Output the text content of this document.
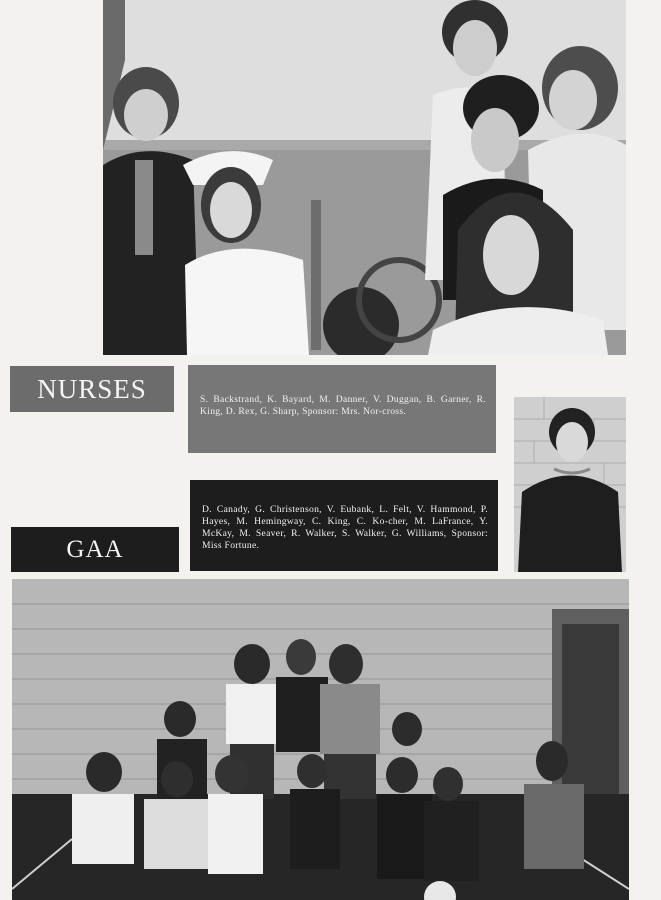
NURSES	S. Backstrand, K. Bayard, M. Danner, V. Duggan, B. Garner, R. King, D. Rex, G. Sharp, Sponsor: Mrs. Nor-cross.
D. Canady, G. Christenson, V. Eubank, L. Felt, V. Hammond, P. Hayes, M. Hemingway, C. King, C. Ko-cher, M. LaFrance, Y. McKay, M. Seaver, R. Walker, S. Walker, G. Williams, Sponsor: Miss Fortune.
GAA
